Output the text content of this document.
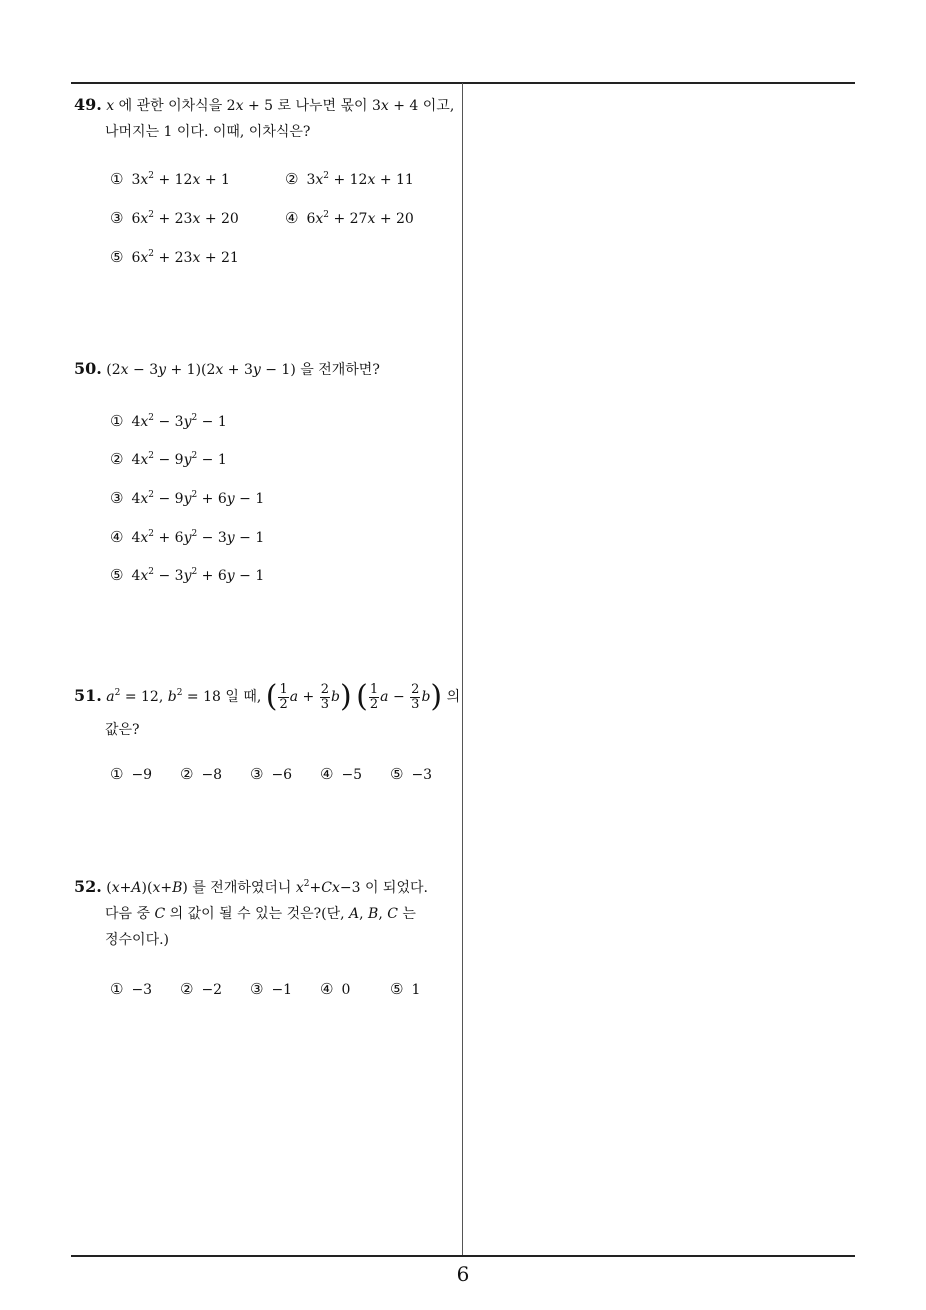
49. x 에 관한 이차식을 2x + 5 로 나누면 몫이 3x + 4 이고,
나머지는 1 이다. 이때, 이차식은?
① $3x^2 + 12x + 1$	② $3x^2 + 12x + 11$
③ $6x^2 + 23x + 20$	④ $6x^2 + 27x + 20$
⑤ $6x^2 + 23x + 21$
50. (2x − 3y + 1)(2x + 3y − 1) 을 전개하면?
① $4x^2 - 3y^2 - 1$
② $4x^2 - 9y^2 - 1$
③ $4x^2 - 9y^2 + 6y - 1$
④ $4x^2 + 6y^2 - 3y - 1$
⑤ $4x^2 - 3y^2 + 6y - 1$
51. $a^2 = 12$, $b^2 = 18$ 일 때, ( $\frac{1}{2}$ $a + \frac{2}{3} b$) ( $\frac{1}{2}$ $a - \frac{2}{3} b$) 의
값은?
① −9 ② −8 ③ −6 ④ −5 ⑤ −3
52. (x+A)(x+B) 를 전개하였더니 $x^2+Cx-3$ 이 되었다.
다음 중 C 의 값이 될 수 있는 것은?(단, A, B, C 는
정수이다.)
① −3 ② −2 ③ −1 ④ 0	⑤ 1
6
